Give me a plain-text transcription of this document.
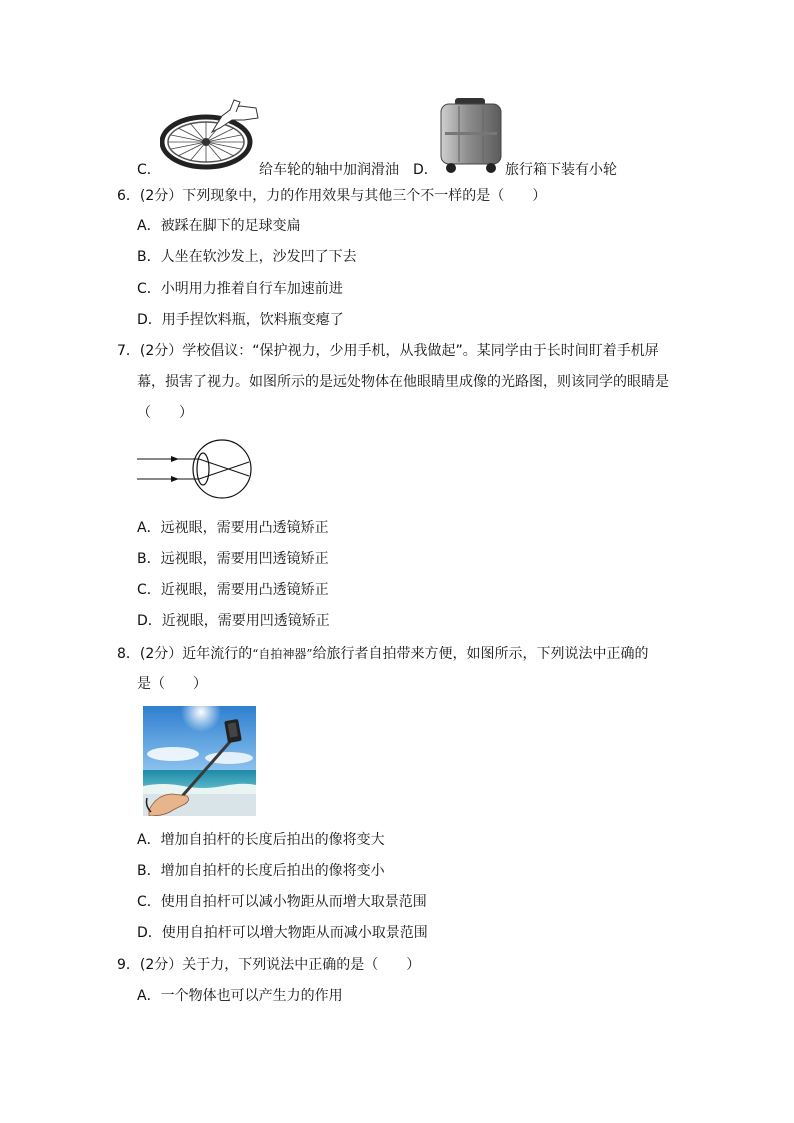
C．	给车轮的轴中加润滑油 D．	旅行箱下装有小轮
6．(2分）下列现象中，力的作用效果与其他三个不一样的是（　　）
A．被踩在脚下的足球变扁
B．人坐在软沙发上，沙发凹了下去
C．小明用力推着自行车加速前进
D．用手捏饮料瓶，饮料瓶变瘪了
7．(2分）学校倡议：“保护视力，少用手机，从我做起”。某同学由于长时间盯着手机屏
幕，损害了视力。如图所示的是远处物体在他眼睛里成像的光路图，则该同学的眼睛是
（　　）
A．远视眼，需要用凸透镜矫正
B．远视眼，需要用凹透镜矫正
C．近视眼，需要用凸透镜矫正
D．近视眼，需要用凹透镜矫正
8．(2分）近年流行的“自拍神器”给旅行者自拍带来方便，如图所示，下列说法中正确的
是（　　）
A．增加自拍杆的长度后拍出的像将变大
B．增加自拍杆的长度后拍出的像将变小
C．使用自拍杆可以减小物距从而增大取景范围
D．使用自拍杆可以增大物距从而减小取景范围
9．(2分）关于力，下列说法中正确的是（　　）
A．一个物体也可以产生力的作用
